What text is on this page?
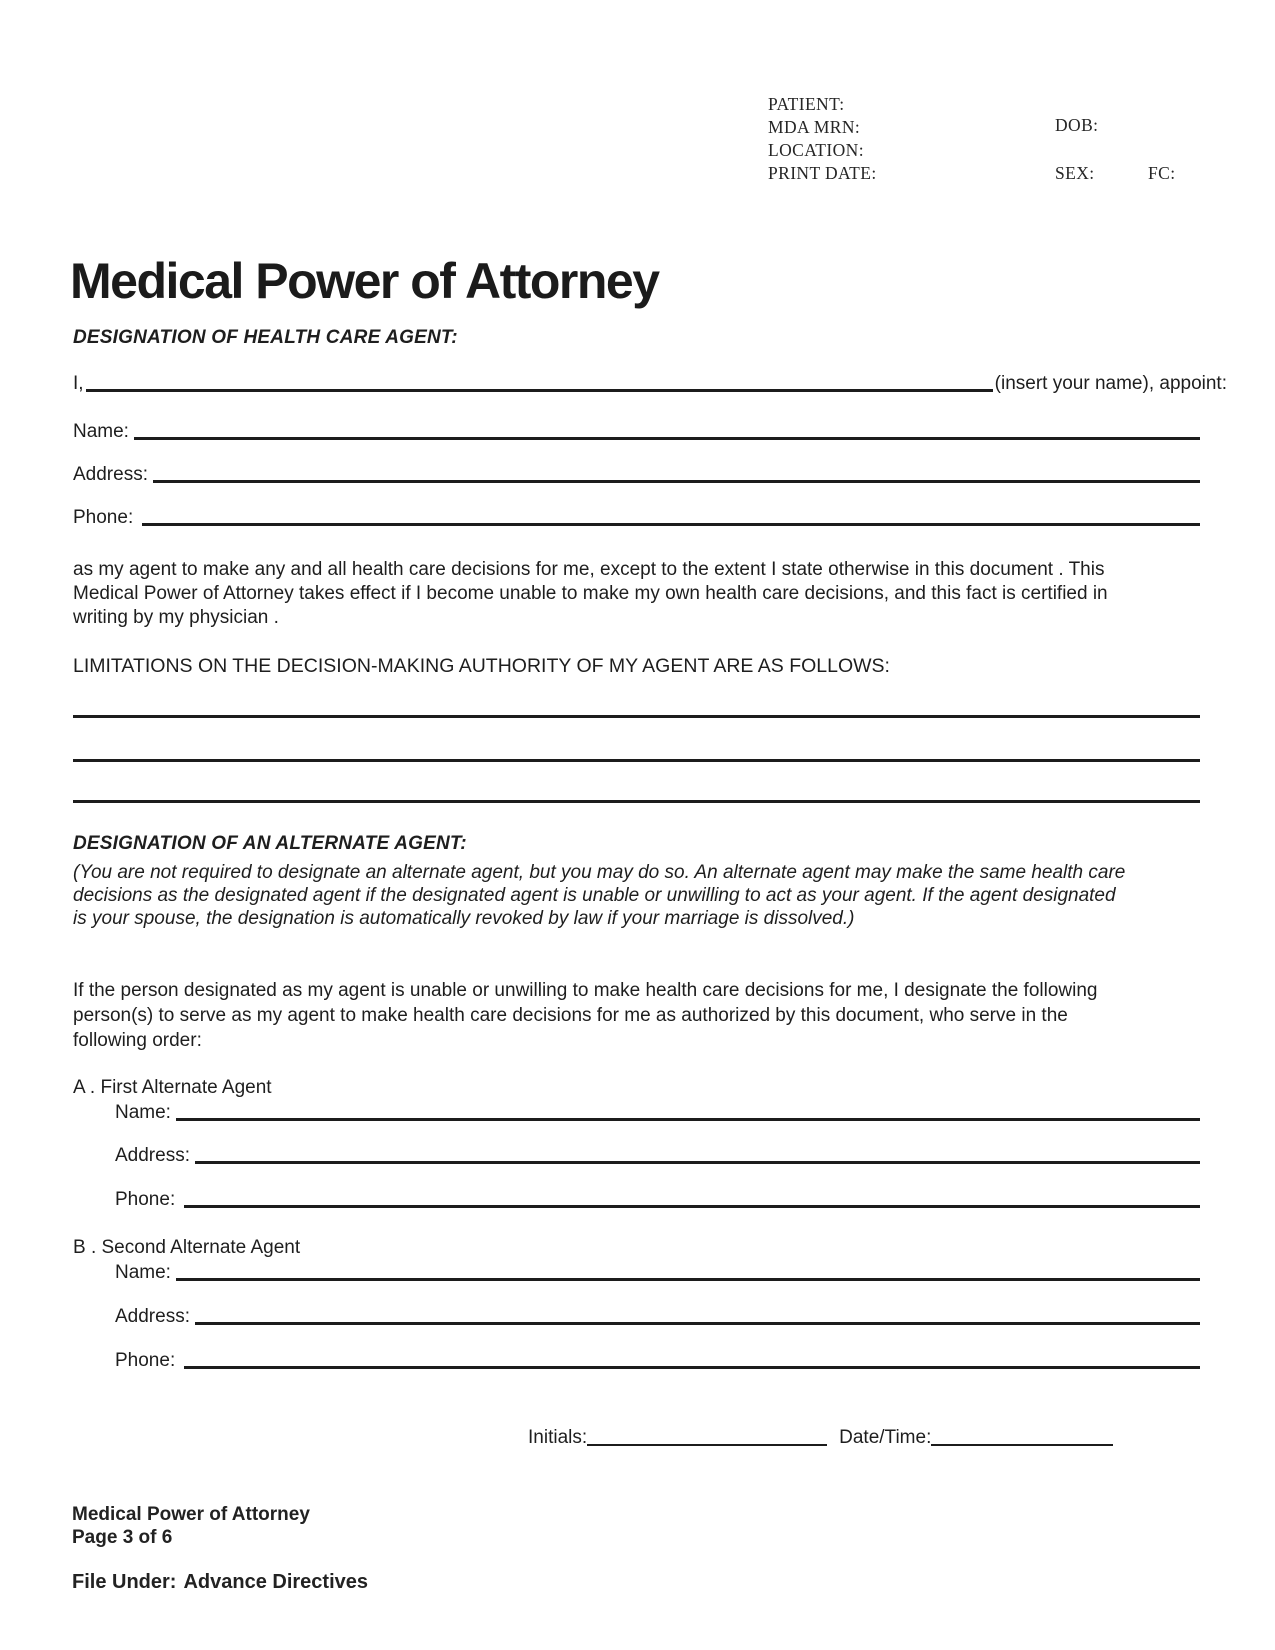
PATIENT:
MDA MRN:
LOCATION:
PRINT DATE:
DOB:
SEX:	FC:
Medical Power of Attorney
DESIGNATION OF HEALTH CARE AGENT:
I,	(insert your name), appoint:
Name:
Address:
Phone:
as my agent to make any and all health care decisions for me, except to the extent I state otherwise in this document . This Medical Power of Attorney takes effect if I become unable to make my own health care decisions, and this fact is certified in writing by my physician .
LIMITATIONS ON THE DECISION-MAKING AUTHORITY OF MY AGENT ARE AS FOLLOWS:
DESIGNATION OF AN ALTERNATE AGENT:
(You are not required to designate an alternate agent, but you may do so. An alternate agent may make the same health care decisions as the designated agent if the designated agent is unable or unwilling to act as your agent. If the agent designated is your spouse, the designation is automatically revoked by law if your marriage is dissolved.)
If the person designated as my agent is unable or unwilling to make health care decisions for me, I designate the following person(s) to serve as my agent to make health care decisions for me as authorized by this document, who serve in the following order:
A . First Alternate Agent
Name:
Address:
Phone:
B . Second Alternate Agent
Name:
Address:
Phone:
Initials:	Date/Time:
Medical Power of Attorney
Page 3 of 6
File Under: Advance Directives
